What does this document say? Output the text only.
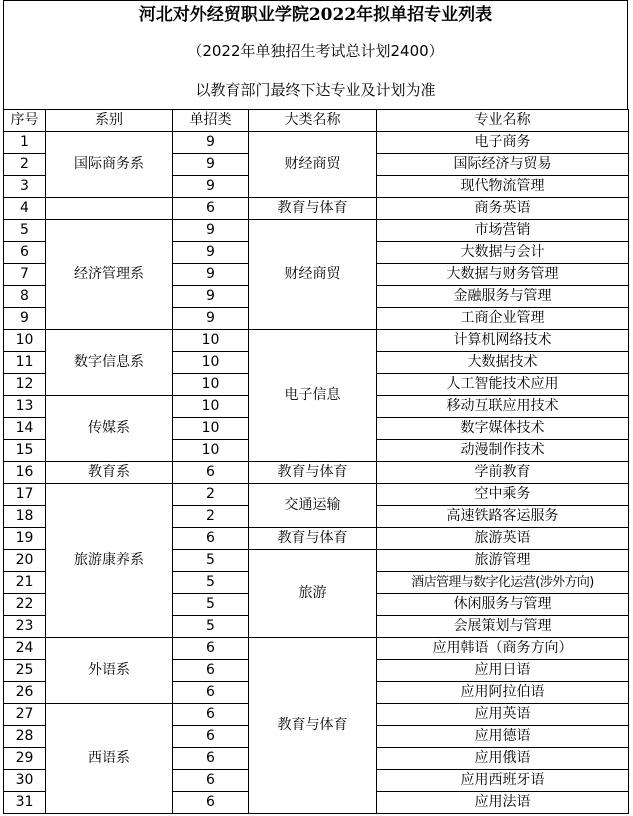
河北对外经贸职业学院2022年拟单招专业列表
（2022年单独招生考试总计划2400）
以教育部门最终下达专业及计划为准
序号	系别	单招类	大类名称	专业名称
1	国际商务系	9	财经商贸	电子商务
2		9		国际经济与贸易
3		9		现代物流管理
4		6	教育与体育	商务英语
5	经济管理系	9	财经商贸	市场营销
6		9		大数据与会计
7		9		大数据与财务管理
8		9		金融服务与管理
9		9		工商企业管理
10	数字信息系	10	电子信息	计算机网络技术
11		10		大数据技术
12		10		人工智能技术应用
13	传媒系	10		移动互联应用技术
14		10		数字媒体技术
15		10		动漫制作技术
16	教育系	6	教育与体育	学前教育
17	旅游康养系	2	交通运输	空中乘务
18		2		高速铁路客运服务
19		6	教育与体育	旅游英语
20		5	旅游	旅游管理
21		5		酒店管理与数字化运营(涉外方向)
22		5		休闲服务与管理
23		5		会展策划与管理
24	外语系	6	教育与体育	应用韩语（商务方向）
25		6		应用日语
26		6		应用阿拉伯语
27	西语系	6		应用英语
28		6		应用德语
29		6		应用俄语
30		6		应用西班牙语
31		6		应用法语
